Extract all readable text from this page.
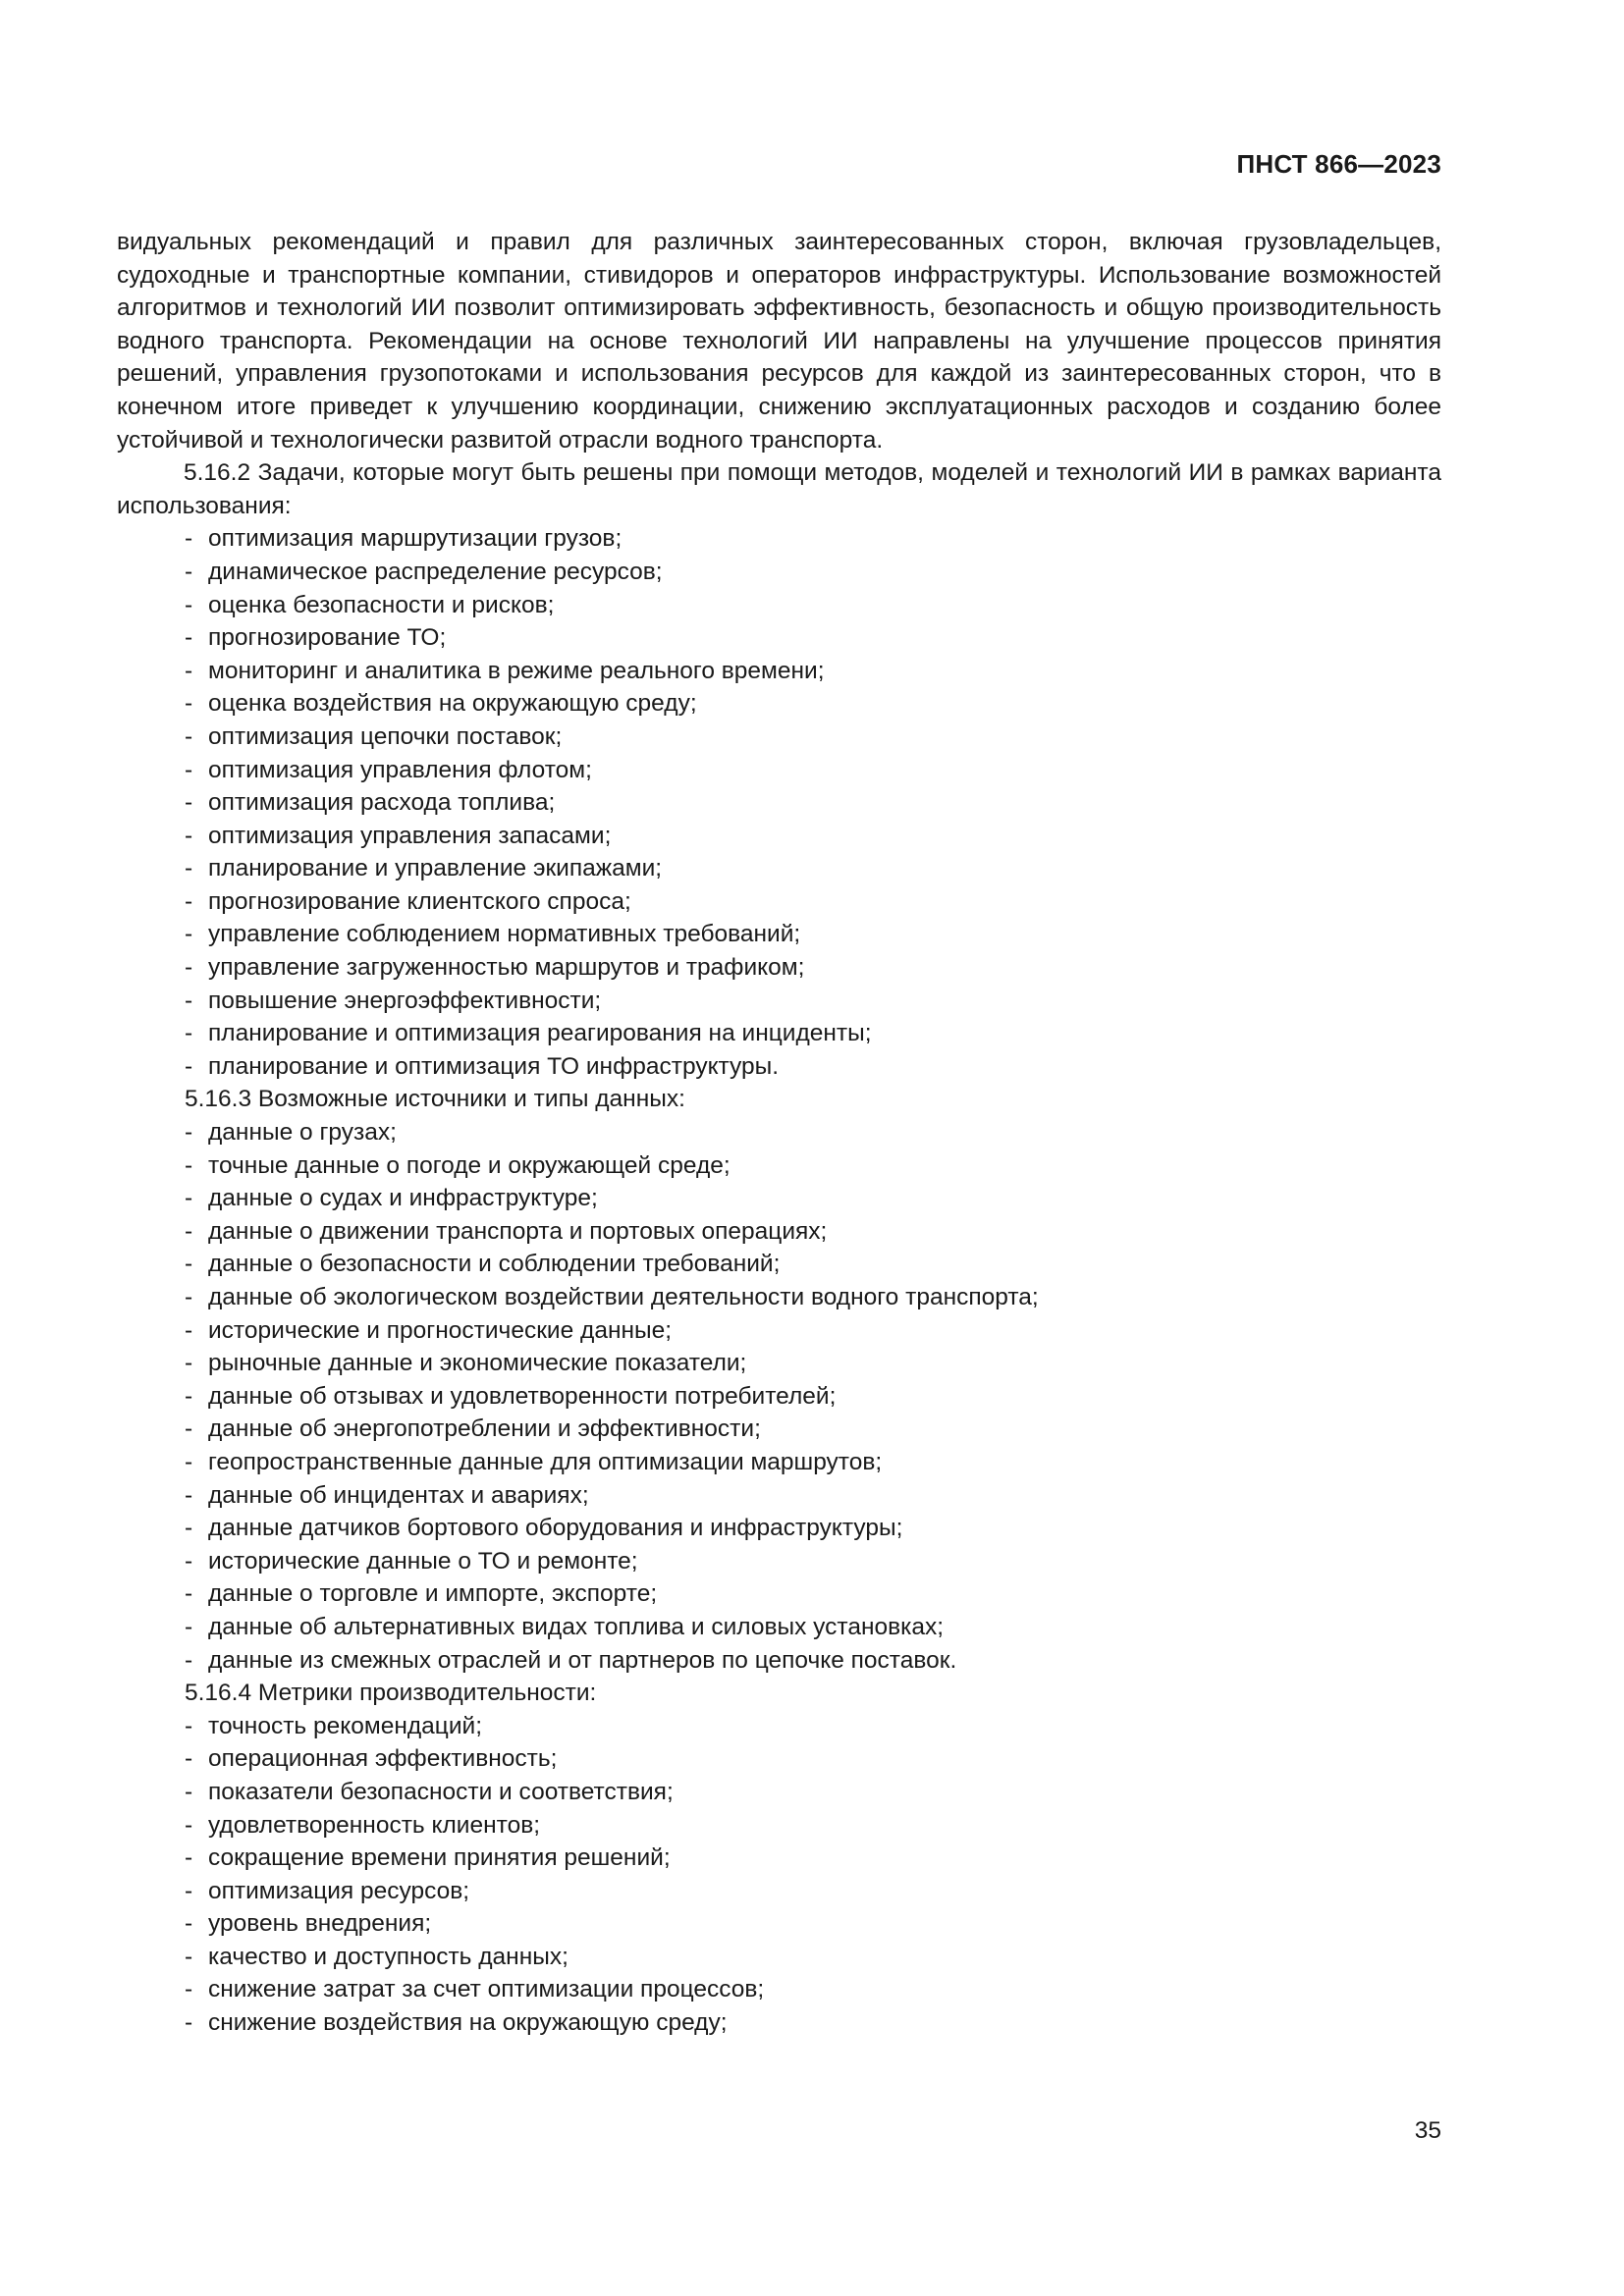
ПНСТ 866—2023

видуальных рекомендаций и правил для различных заинтересованных сторон, включая грузовладельцев, судоходные и транспортные компании, стивидоров и операторов инфраструктуры. Использование возможностей алгоритмов и технологий ИИ позволит оптимизировать эффективность, безопасность и общую производительность водного транспорта. Рекомендации на основе технологий ИИ направлены на улучшение процессов принятия решений, управления грузопотоками и использования ресурсов для каждой из заинтересованных сторон, что в конечном итоге приведет к улучшению координации, снижению эксплуатационных расходов и созданию более устойчивой и технологически развитой отрасли водного транспорта.

5.16.2 Задачи, которые могут быть решены при помощи методов, моделей и технологий ИИ в рамках варианта использования:

- оптимизация маршрутизации грузов;
- динамическое распределение ресурсов;
- оценка безопасности и рисков;
- прогнозирование ТО;
- мониторинг и аналитика в режиме реального времени;
- оценка воздействия на окружающую среду;
- оптимизация цепочки поставок;
- оптимизация управления флотом;
- оптимизация расхода топлива;
- оптимизация управления запасами;
- планирование и управление экипажами;
- прогнозирование клиентского спроса;
- управление соблюдением нормативных требований;
- управление загруженностью маршрутов и трафиком;
- повышение энергоэффективности;
- планирование и оптимизация реагирования на инциденты;
- планирование и оптимизация ТО инфраструктуры.

5.16.3 Возможные источники и типы данных:

- данные о грузах;
- точные данные о погоде и окружающей среде;
- данные о судах и инфраструктуре;
- данные о движении транспорта и портовых операциях;
- данные о безопасности и соблюдении требований;
- данные об экологическом воздействии деятельности водного транспорта;
- исторические и прогностические данные;
- рыночные данные и экономические показатели;
- данные об отзывах и удовлетворенности потребителей;
- данные об энергопотреблении и эффективности;
- геопространственные данные для оптимизации маршрутов;
- данные об инцидентах и авариях;
- данные датчиков бортового оборудования и инфраструктуры;
- исторические данные о ТО и ремонте;
- данные о торговле и импорте, экспорте;
- данные об альтернативных видах топлива и силовых установках;
- данные из смежных отраслей и от партнеров по цепочке поставок.

5.16.4 Метрики производительности:

- точность рекомендаций;
- операционная эффективность;
- показатели безопасности и соответствия;
- удовлетворенность клиентов;
- сокращение времени принятия решений;
- оптимизация ресурсов;
- уровень внедрения;
- качество и доступность данных;
- снижение затрат за счет оптимизации процессов;
- снижение воздействия на окружающую среду;
35
